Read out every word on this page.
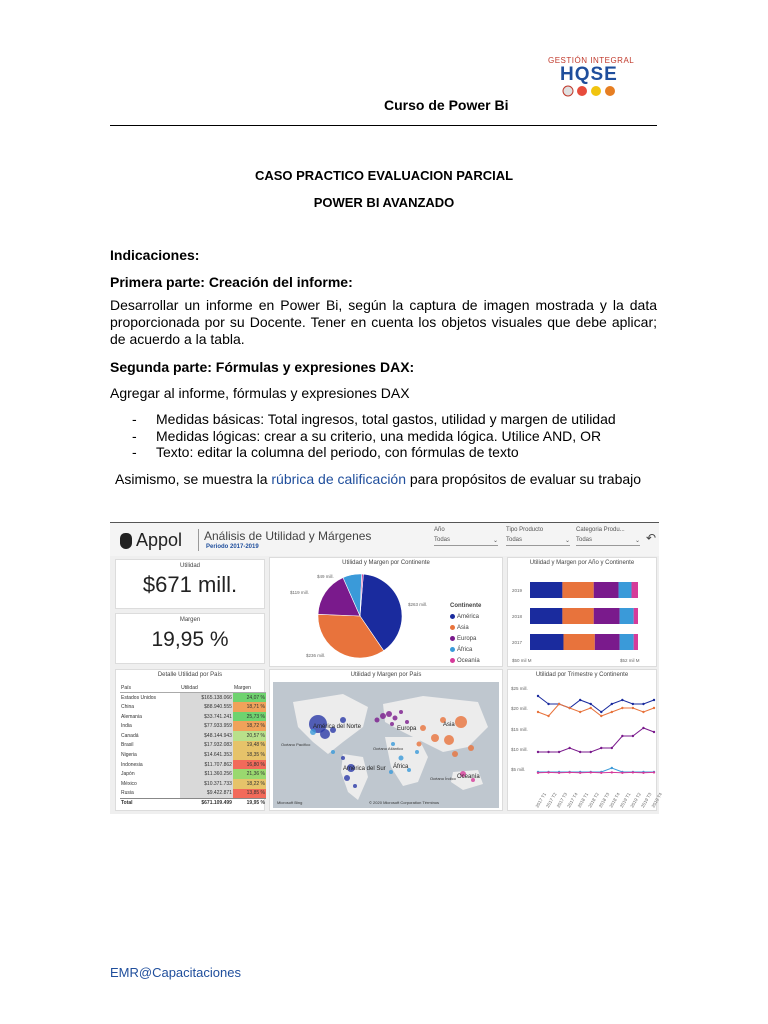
GESTIÓN INTEGRAL
HQSE
Curso de Power Bi
CASO PRACTICO EVALUACION PARCIAL
POWER BI AVANZADO
Indicaciones:
Primera parte: Creación del informe:
Desarrollar un informe en Power Bi, según la captura de imagen mostrada y la data proporcionada por su Docente. Tener en cuenta los objetos visuales que debe aplicar; de acuerdo a la tabla.
Segunda parte: Fórmulas y expresiones DAX:
Agregar al informe, fórmulas y expresiones DAX
- Medidas básicas: Total ingresos, total gastos, utilidad y margen de utilidad
- Medidas lógicas: crear a su criterio, una medida lógica. Utilice AND, OR
- Texto: editar la columna del periodo, con fórmulas de texto
Asimismo, se muestra la rúbrica de calificación para propósitos de evaluar su trabajo
Appol Análisis de Utilidad y Márgenes
Periodo 2017-2019
Año
Todas	⌄
Tipo Producto
Todas	⌄
Categoria Produ...
Todas	⌄ ↶
Utilidad
$671 mill.
Margen
19,95 %
Utilidad y Margen por Continente
$49 mill.
$119 mill.
$263 mill.
$236 mill.
Continente
América
Asia
Europa
África
Oceanía
Utilidad y Margen por Año y Continente
2019
2018
2017
$50 mil M	$52 mil M
Detalle Utilidad por País
País	Utilidad	Margen
Estados Unidos	$165.138.066	24,07 %
China	$88.940.555	18,71 %
Alemania	$33.741.241	25,73 %
India	$77.933.959	18,72 %
Canadá	$48.144.943	20,57 %
Brasil	$17.932.083	19,48 %
Nigeria	$14.641.353	18,35 %
Indonesia	$11.707.862	16,80 %
Japón	$11.360.256	21,36 %
México	$10.371.733	18,22 %
Rusia	$9.422.871	13,85 %
Total	$671.109.499	19,95 %
Utilidad y Margen por País
América del Norte	Europa
Asia
África
América del Sur
Oceanía
Océano Pacífico
Océano Atlántico
Océano Índico
Microsoft Bing	© 2020 Microsoft Corporation Términos
Utilidad por Trimestre y Continente
$25 mill.
$20 mill.
$15 mill.
$10 mill.
$5 mill.
2017 T1
2017 T2
2017 T3
2017 T4
2018 T1
2018 T2
2018 T3
2018 T4
2019 T1
2019 T2
2019 T3
2019 T4
EMR@Capacitaciones
